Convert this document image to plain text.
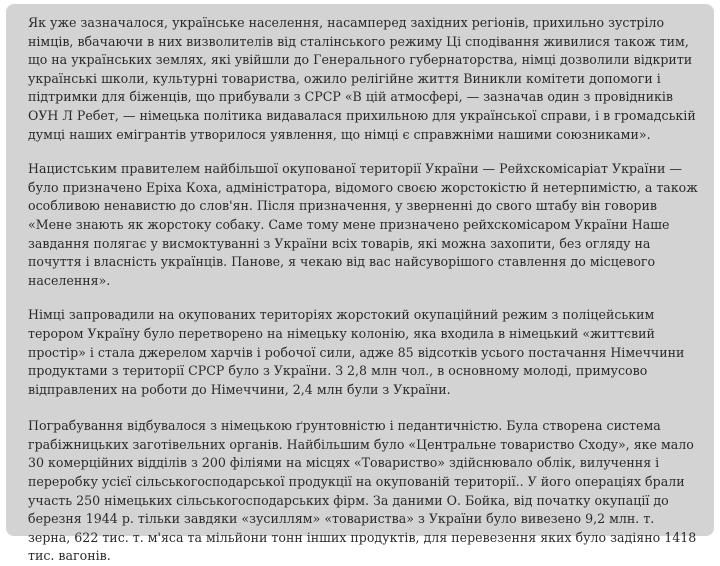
Як уже зазначалося, українське населення, насамперед західних регіонів, прихильно зустріло німців, вбачаючи в них визволителів від сталінського режиму Ці сподівання живилися також тим, що на українських землях, які увійшли до Генерального губернаторства, німці дозволили відкрити українські школи, культурні товариства, ожило релігійне життя Виникли комітети допомоги і підтримки для біженців, що прибували з СРСР «В цій атмосфері, — зазначав один з провідників ОУН Л Ребет, — німецька політика видавалася прихильною для української справи, і в громадській думці наших емігрантів утворилося уявлення, що німці є справжніми нашими союзниками».

Нацистським правителем найбільшої окупованої території України — Рейхскомісаріат України — було призначено Еріха Коха, адміністратора, відомого своєю жорстокістю й нетерпимістю, а також особливою ненавистю до слов'ян. Після призначення, у зверненні до свого штабу він говорив «Мене знають як жорстоку собаку. Саме тому мене призначено рейхскомісаром України Наше завдання полягає у висмоктуванні з України всіх товарів, які можна захопити, без огляду на почуття і власність українців. Панове, я чекаю від вас найсуворішого ставлення до місцевого населення».

Німці запровадили на окупованих територіях жорстокий окупаційний режим з поліцейським терором Україну було перетворено на німецьку колонію, яка входила в німецький «життєвий простір» і стала джерелом харчів і робочої сили, адже 85 відсотків усього постачання Німеччини продуктами з території СРСР було з України. З 2,8 млн чол., в основному молоді, примусово відправлених на роботи до Німеччини, 2,4 млн були з України.

Пограбування відбувалося з німецькою ґрунтовністю і педантичністю. Була створена система грабіжницьких заготівельних органів. Найбільшим було «Центральне товариство Сходу», яке мало 30 комерційних відділів з 200 філіями на місцях «Товариство» здійснювало облік, вилучення і переробку усієї сільськогосподарської продукції на окупованій території.. У його операціях брали участь 250 німецьких сільськогосподарських фірм. За даними О. Бойка, від початку окупації до березня 1944 р. тільки завдяки «зусиллям» «товариства» з України було вивезено 9,2 млн. т. зерна, 622 тис. т. м'яса та мільйони тонн інших продуктів, для перевезення яких було задіяно 1418 тис. вагонів.
